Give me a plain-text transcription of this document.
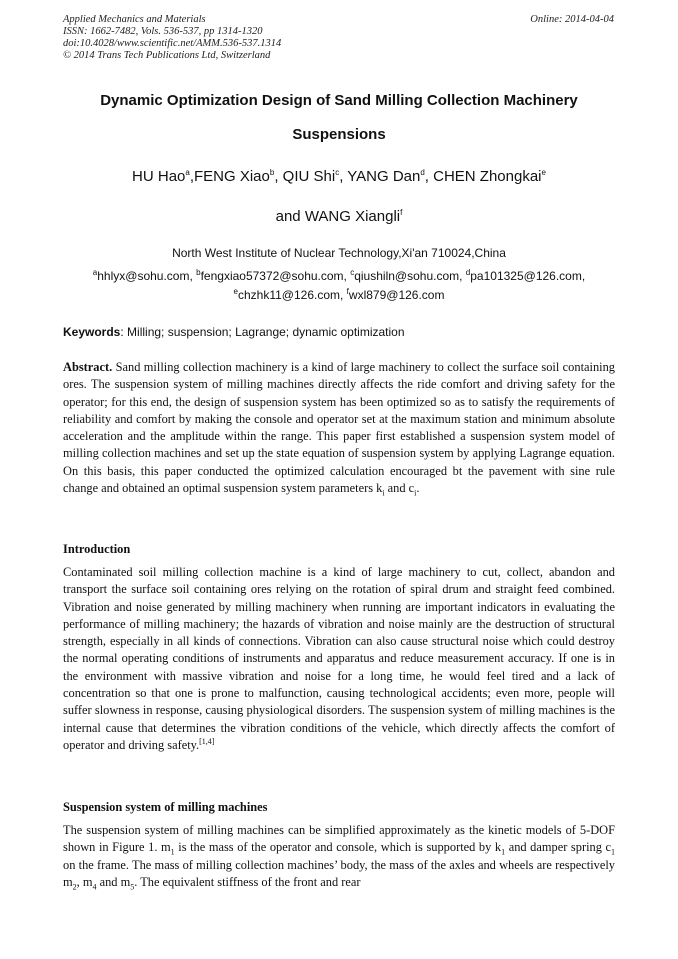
Applied Mechanics and Materials
ISSN: 1662-7482, Vols. 536-537, pp 1314-1320
doi:10.4028/www.scientific.net/AMM.536-537.1314
© 2014 Trans Tech Publications Ltd, Switzerland
Online: 2014-04-04
Dynamic Optimization Design of Sand Milling Collection Machinery
Suspensions
HU Hao$^a$,FENG Xiao$^b$, QIU Shi$^c$, YANG Dan$^d$, CHEN Zhongkai$^e$
and WANG Xiangli$^f$
North West Institute of Nuclear Technology,Xi'an 710024,China
$^a$hhlyx@sohu.com, $^b$fengxiao57372@sohu.com, $^c$qiushiln@sohu.com, $^d$pa101325@126.com,
$^e$chzhk11@126.com, $^f$wxl879@126.com
Keywords: Milling; suspension; Lagrange; dynamic optimization
Abstract. Sand milling collection machinery is a kind of large machinery to collect the surface soil containing ores. The suspension system of milling machines directly affects the ride comfort and driving safety for the operator; for this end, the design of suspension system has been optimized so as to satisfy the requirements of reliability and comfort by making the console and operator set at the maximum station and minimum absolute acceleration and the amplitude within the range. This paper first established a suspension system model of milling collection machines and set up the state equation of suspension system by applying Lagrange equation. On this basis, this paper conducted the optimized calculation encouraged bt the pavement with sine rule change and obtained an optimal suspension system parameters $k_i$ and $c_i$.
Introduction
Contaminated soil milling collection machine is a kind of large machinery to cut, collect, abandon and transport the surface soil containing ores relying on the rotation of spiral drum and straight feed combined. Vibration and noise generated by milling machinery when running are important indicators in evaluating the performance of milling machinery; the hazards of vibration and noise mainly are the destruction of structural strength, especially in all kinds of connections. Vibration can also cause structural noise which could destroy the normal operating conditions of instruments and apparatus and reduce measurement accuracy. If one is in the environment with massive vibration and noise for a long time, he would feel tired and a lack of concentration so that one is prone to malfunction, causing technological accidents; even more, people will suffer slowness in response, causing physiological disorders. The suspension system of milling machines is the internal cause that determines the vibration conditions of the vehicle, which directly affects the comfort of operator and driving safety.[1,4]
Suspension system of milling machines
The suspension system of milling machines can be simplified approximately as the kinetic models of 5-DOF shown in Figure 1. $m_1$ is the mass of the operator and console, which is supported by $k_1$ and damper spring $c_1$ on the frame. The mass of milling collection machines’ body, the mass of the axles and wheels are respectively $m_2$, $m_4$ and $m_5$. The equivalent stiffness of the front and rear
